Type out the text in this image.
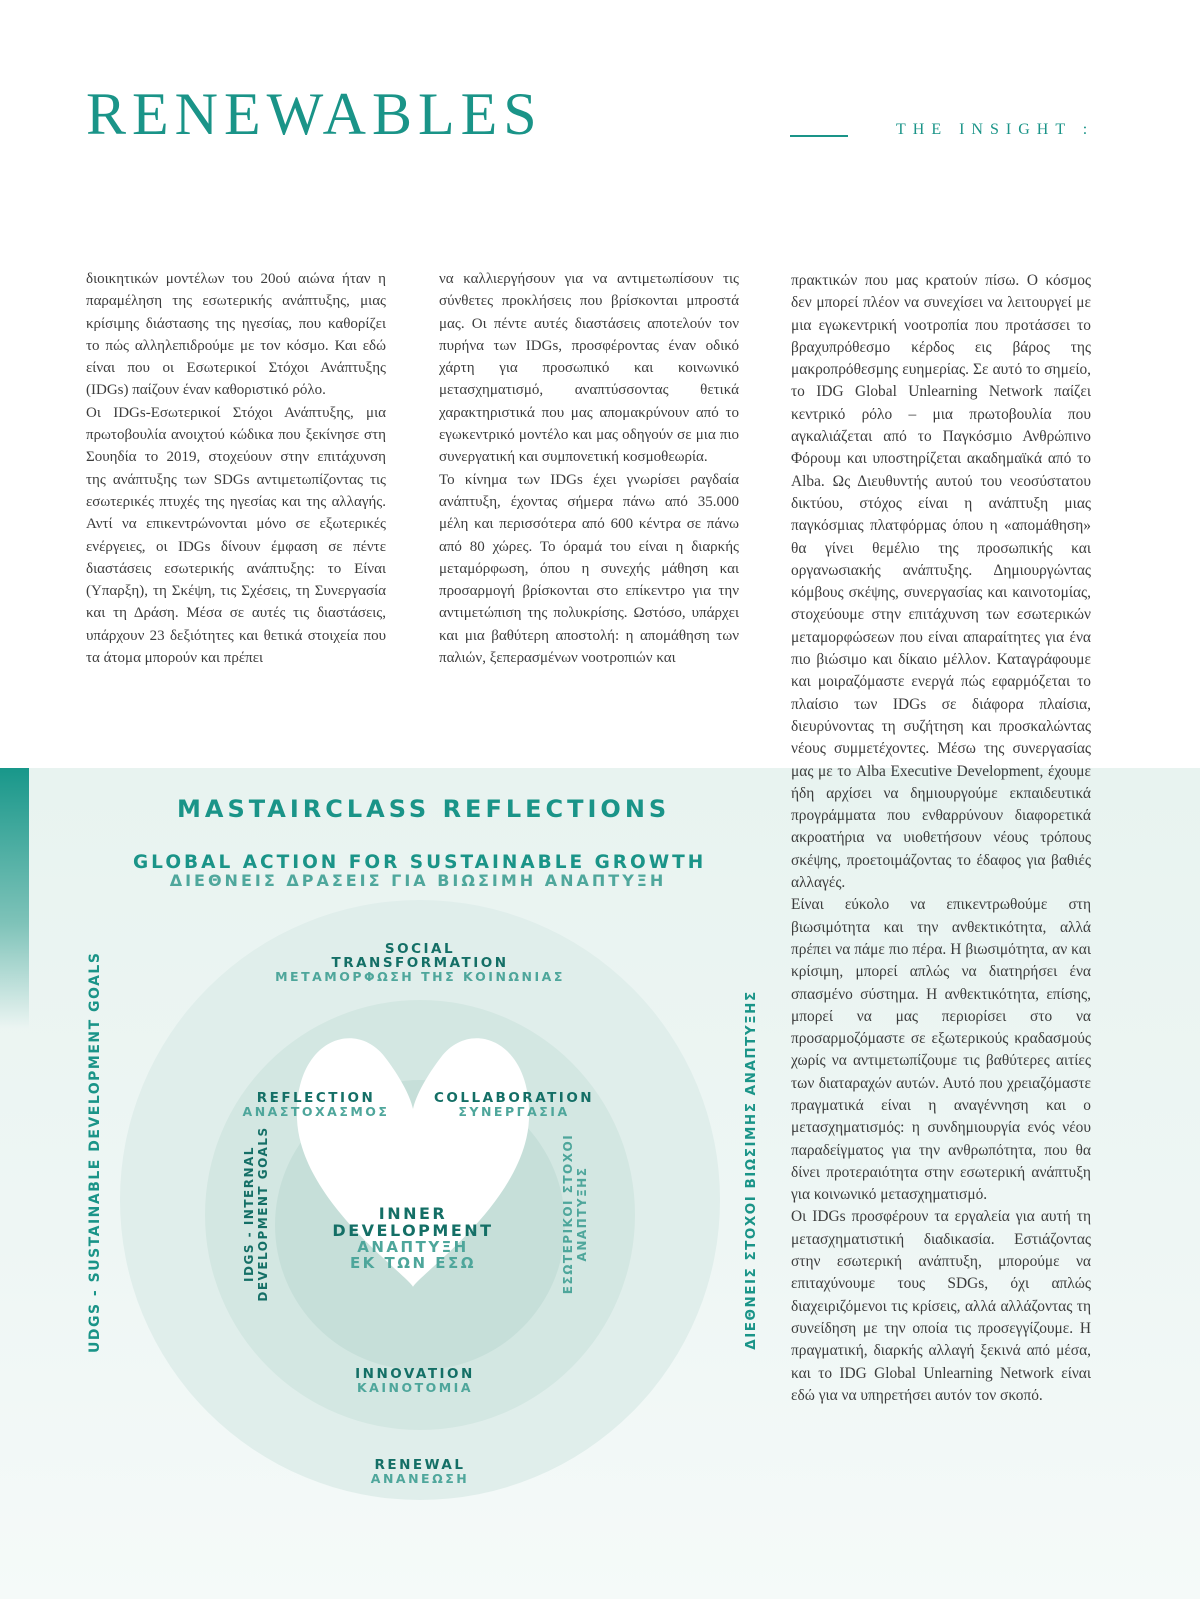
RENEWABLES	THE INSIGHT :

διοικητικών μοντέλων του 20ού αιώνα ήταν η παραμέληση της εσωτερικής ανάπτυξης, μιας κρίσιμης διάστασης της ηγεσίας, που καθορίζει το πώς αλληλεπιδρούμε με τον κόσμο. Και εδώ είναι που οι Εσωτερικοί Στόχοι Ανάπτυξης (IDGs) παίζουν έναν καθοριστικό ρόλο.

Οι IDGs-Εσωτερικοί Στόχοι Ανάπτυξης, μια πρωτοβουλία ανοιχτού κώδικα που ξεκίνησε στη Σουηδία το 2019, στοχεύουν στην επιτάχυνση της ανάπτυξης των SDGs αντιμετωπίζοντας τις εσωτερικές πτυχές της ηγεσίας και της αλλαγής. Αντί να επικεντρώνονται μόνο σε εξωτερικές ενέργειες, οι IDGs δίνουν έμφαση σε πέντε διαστάσεις εσωτερικής ανάπτυξης: το Είναι (Υπαρξη), τη Σκέψη, τις Σχέσεις, τη Συνεργασία και τη Δράση. Μέσα σε αυτές τις διαστάσεις, υπάρχουν 23 δεξιότητες και θετικά στοιχεία που τα άτομα μπορούν και πρέπει

να καλλιεργήσουν για να αντιμετωπίσουν τις σύνθετες προκλήσεις που βρίσκονται μπροστά μας. Οι πέντε αυτές διαστάσεις αποτελούν τον πυρήνα των IDGs, προσφέροντας έναν οδικό χάρτη για προσωπικό και κοινωνικό μετασχηματισμό, αναπτύσσοντας θετικά χαρακτηριστικά που μας απομακρύνουν από το εγωκεντρικό μοντέλο και μας οδηγούν σε μια πιο συνεργατική και συμπονετική κοσμοθεωρία.

Το κίνημα των IDGs έχει γνωρίσει ραγδαία ανάπτυξη, έχοντας σήμερα πάνω από 35.000 μέλη και περισσότερα από 600 κέντρα σε πάνω από 80 χώρες. Το όραμά του είναι η διαρκής μεταμόρφωση, όπου η συνεχής μάθηση και προσαρμογή βρίσκονται στο επίκεντρο για την αντιμετώπιση της πολυκρίσης. Ωστόσο, υπάρχει και μια βαθύτερη αποστολή: η απομάθηση των παλιών, ξεπερασμένων νοοτροπιών και

πρακτικών που μας κρατούν πίσω. Ο κόσμος δεν μπορεί πλέον να συνεχίσει να λειτουργεί με μια εγωκεντρική νοοτροπία που προτάσσει το βραχυπρόθεσμο κέρδος εις βάρος της μακροπρόθεσμης ευημερίας. Σε αυτό το σημείο, το IDG Global Unlearning Network παίζει κεντρικό ρόλο – μια πρωτοβουλία που αγκαλιάζεται από το Παγκόσμιο Ανθρώπινο Φόρουμ και υποστηρίζεται ακαδημαϊκά από το Alba. Ως Διευθυντής αυτού του νεοσύστατου δικτύου, στόχος είναι η ανάπτυξη μιας παγκόσμιας πλατφόρμας όπου η «απομάθηση» θα γίνει θεμέλιο της προσωπικής και οργανωσιακής ανάπτυξης. Δημιουργώντας κόμβους σκέψης, συνεργασίας και καινοτομίας, στοχεύουμε στην επιτάχυνση των εσωτερικών μεταμορφώσεων που είναι απαραίτητες για ένα πιο βιώσιμο και δίκαιο μέλλον. Καταγράφουμε και μοιραζόμαστε ενεργά πώς εφαρμόζεται το πλαίσιο των IDGs σε διάφορα πλαίσια, διευρύνοντας τη συζήτηση και προσκαλώντας νέους συμμετέχοντες. Μέσω της συνεργασίας μας με το Alba Executive Development, έχουμε ήδη αρχίσει να δημιουργούμε εκπαιδευτικά προγράμματα που ενθαρρύνουν διαφορετικά ακροατήρια να υιοθετήσουν νέους τρόπους σκέψης, προετοιμάζοντας το έδαφος για βαθιές αλλαγές.

Είναι εύκολο να επικεντρωθούμε στη βιωσιμότητα και την ανθεκτικότητα, αλλά πρέπει να πάμε πιο πέρα. Η βιωσιμότητα, αν και κρίσιμη, μπορεί απλώς να διατηρήσει ένα σπασμένο σύστημα. Η ανθεκτικότητα, επίσης, μπορεί να μας περιορίσει στο να προσαρμοζόμαστε σε εξωτερικούς κραδασμούς χωρίς να αντιμετωπίζουμε τις βαθύτερες αιτίες των διαταραχών αυτών. Αυτό που χρειαζόμαστε πραγματικά είναι η αναγέννηση και ο μετασχηματισμός: η συνδημιουργία ενός νέου παραδείγματος για την ανθρωπότητα, που θα δίνει προτεραιότητα στην εσωτερική ανάπτυξη για κοινωνικό μετασχηματισμό.

Οι IDGs προσφέρουν τα εργαλεία για αυτή τη μετασχηματιστική διαδικασία. Εστιάζοντας στην εσωτερική ανάπτυξη, μπορούμε να επιταχύνουμε τους SDGs, όχι απλώς διαχειριζόμενοι τις κρίσεις, αλλά αλλάζοντας τη συνείδηση με την οποία τις προσεγγίζουμε. Η πραγματική, διαρκής αλλαγή ξεκινά από μέσα, και το IDG Global Unlearning Network είναι εδώ για να υπηρετήσει αυτόν τον σκοπό.

MASTAIRCLASS REFLECTIONS
GLOBAL ACTION FOR SUSTAINABLE GROWTH
ΔΙΕΘΝΕΙΣ ΔΡΑΣΕΙΣ ΓΙΑ ΒΙΩΣΙΜΗ ΑΝΑΠΤΥΞΗ
UDGS - SUSTAINABLE DEVELOPMENT GOALS	ΔΙΕΘΝΕΙΣ ΣΤΟΧΟΙ ΒΙΩΣΙΜΗΣ ΑΝΑΠΤΥΞΗΣ
SOCIAL
TRANSFORMATION
ΜΕΤΑΜΟΡΦΩΣΗ ΤΗΣ ΚΟΙΝΩΝΙΑΣ
REFLECTION
ΑΝΑΣΤΟΧΑΣΜΟΣ
COLLABORATION
ΣΥΝΕΡΓΑΣΙΑ
IDGS - INTERNAL DEVELOPMENT GOALS	ΕΣΩΤΕΡΙΚΟΙ ΣΤΟΧΟΙ ΑΝΑΠΤΥΞΗΣ
INNER
DEVELOPMENT
ΑΝΑΠΤΥΞΗ
ΕΚ ΤΩΝ ΕΣΩ
INNOVATION
ΚΑΙΝΟΤΟΜΙΑ
RENEWAL
ΑΝΑΝΕΩΣΗ
